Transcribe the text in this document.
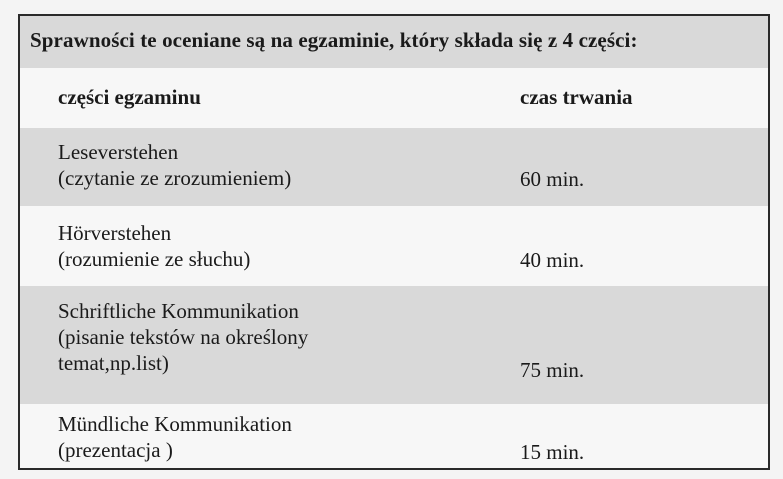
Sprawności te oceniane są na egzaminie, który składa się z 4 części:
części egzaminu	czas trwania
Leseverstehen
(czytanie ze zrozumieniem)	60 min.
Hörverstehen
(rozumienie ze słuchu)	40 min.
Schriftliche Kommunikation
(pisanie tekstów na określony
temat,np.list)	75 min.
Mündliche Kommunikation
(prezentacja )	15 min.
